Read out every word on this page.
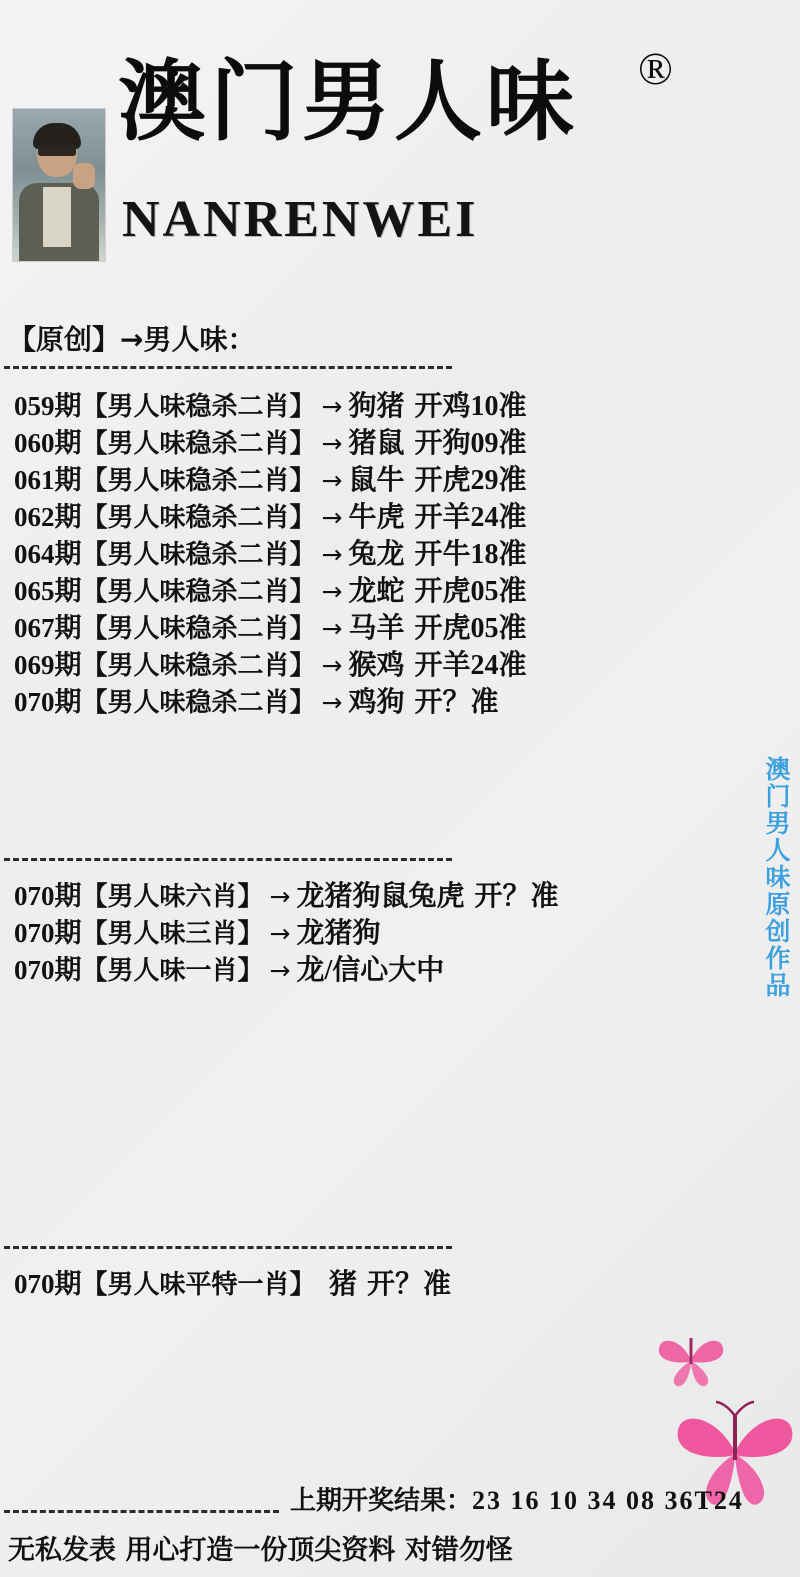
澳门男人味 ®
NANRENWEI
【原创】→男人味：
059期【男人味稳杀二肖】 → 狗猪 开鸡10准
060期【男人味稳杀二肖】 → 猪鼠 开狗09准
061期【男人味稳杀二肖】 → 鼠牛 开虎29准
062期【男人味稳杀二肖】 → 牛虎 开羊24准
064期【男人味稳杀二肖】 → 兔龙 开牛18准
065期【男人味稳杀二肖】 → 龙蛇 开虎05准
067期【男人味稳杀二肖】 → 马羊 开虎05准
069期【男人味稳杀二肖】 → 猴鸡 开羊24准
070期【男人味稳杀二肖】 → 鸡狗 开？准
070期【男人味六肖】 → 龙猪狗鼠兔虎 开？准
070期【男人味三肖】 → 龙猪狗
070期【男人味一肖】 → 龙/信心大中
070期【男人味平特一肖】 猪 开？准
澳门男人味原创作品
上期开奖结果：23 16 10 34 08 36T24
无私发表 用心打造一份顶尖资料 对错勿怪
